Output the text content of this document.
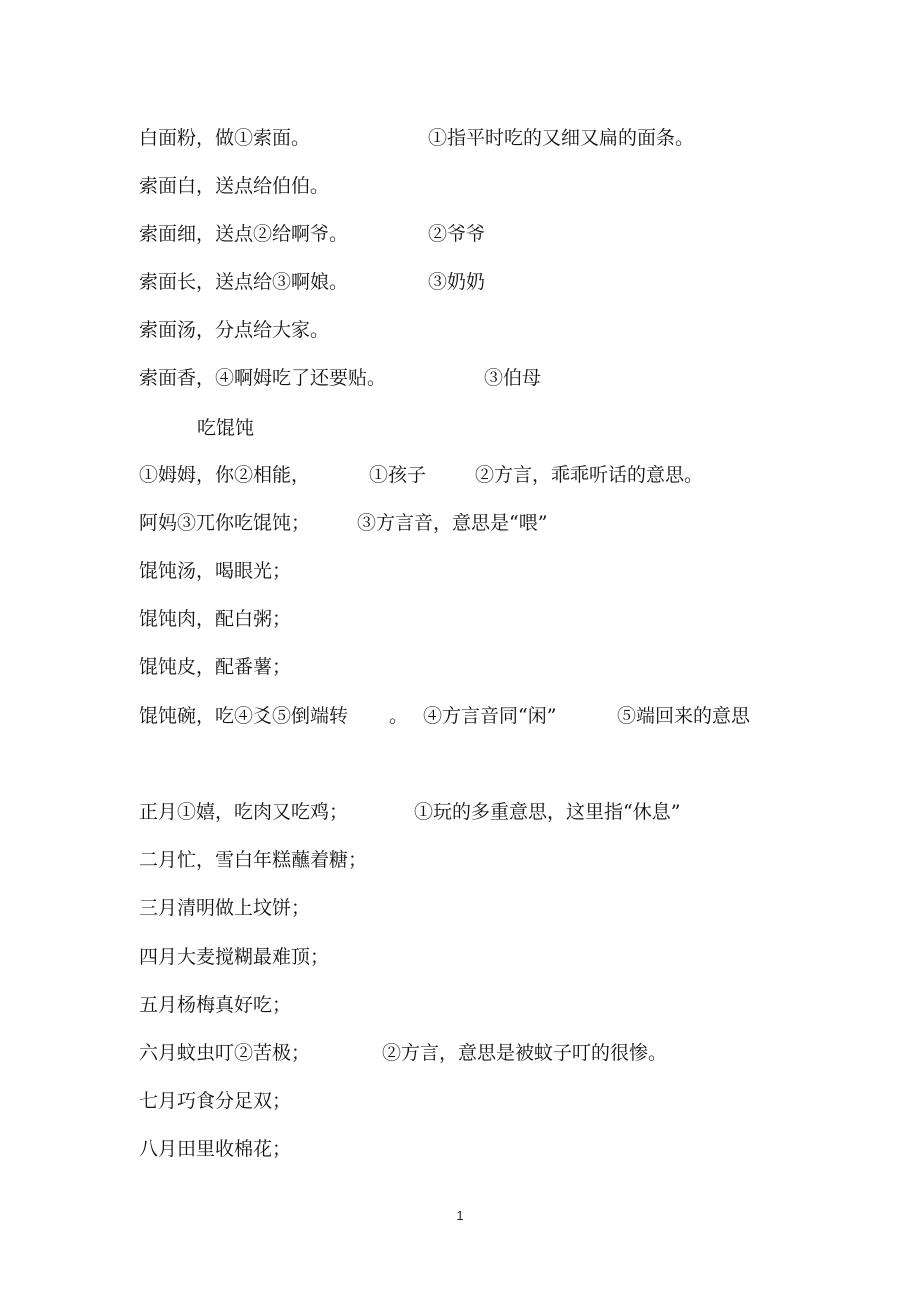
白面粉，做①索面。	①指平时吃的又细又扁的面条。
索面白，送点给伯伯。
索面细，送点②给啊爷。	②爷爷
索面长，送点给③啊娘。	③奶奶
索面汤，分点给大家。
索面香，④啊姆吃了还要贴。	③伯母
吃馄饨
①姆姆，你②相能，	①孩子	②方言，乖乖听话的意思。
阿妈③兀你吃馄饨； ③方言音，意思是“喂”
馄饨汤，喝眼光；
馄饨肉，配白粥；
馄饨皮，配番薯；
馄饨碗，吃④爻⑤倒端转 。 ④方言音同“闲”	⑤端回来的意思
正月①嬉，吃肉又吃鸡；	①玩的多重意思，这里指“休息”
二月忙，雪白年糕蘸着糖；
三月清明做上坟饼；
四月大麦搅糊最难顶；
五月杨梅真好吃；
六月蚊虫叮②苦极；	②方言，意思是被蚊子叮的很惨。
七月巧食分足双；
八月田里收棉花；
1
